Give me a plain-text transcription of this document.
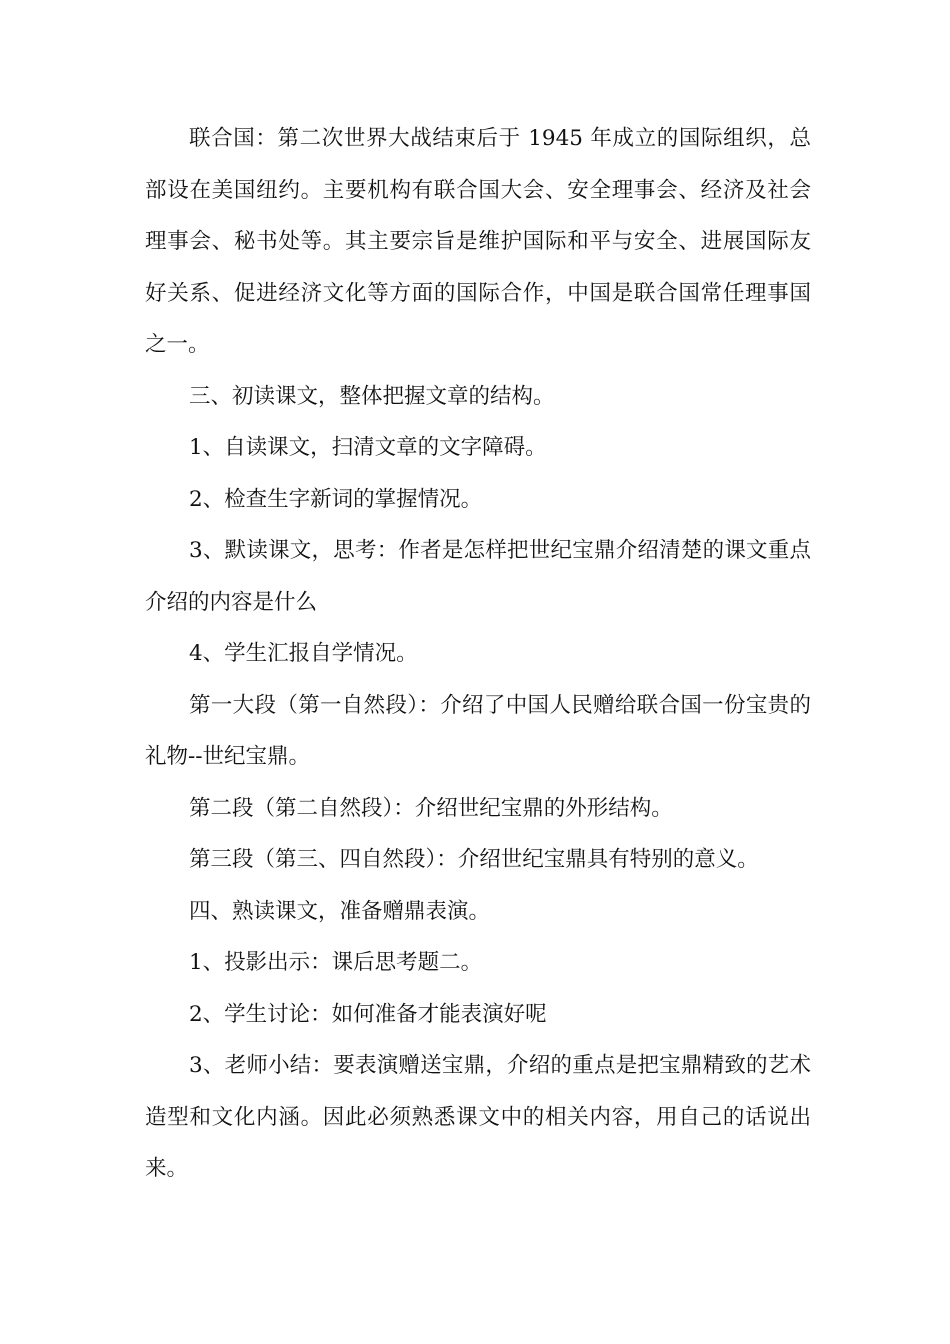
联合国：第二次世界大战结束后于 1945 年成立的国际组织，总部设在美国纽约。主要机构有联合国大会、安全理事会、经济及社会理事会、秘书处等。其主要宗旨是维护国际和平与安全、进展国际友好关系、促进经济文化等方面的国际合作，中国是联合国常任理事国之一。

三、初读课文，整体把握文章的结构。

1、自读课文，扫清文章的文字障碍。

2、检查生字新词的掌握情况。

3、默读课文，思考：作者是怎样把世纪宝鼎介绍清楚的课文重点介绍的内容是什么

4、学生汇报自学情况。

第一大段（第一自然段）：介绍了中国人民赠给联合国一份宝贵的礼物--世纪宝鼎。

第二段（第二自然段）：介绍世纪宝鼎的外形结构。

第三段（第三、四自然段）：介绍世纪宝鼎具有特别的意义。

四、熟读课文，准备赠鼎表演。

1、投影出示：课后思考题二。

2、学生讨论：如何准备才能表演好呢

3、老师小结：要表演赠送宝鼎，介绍的重点是把宝鼎精致的艺术造型和文化内涵。因此必须熟悉课文中的相关内容，用自己的话说出来。
